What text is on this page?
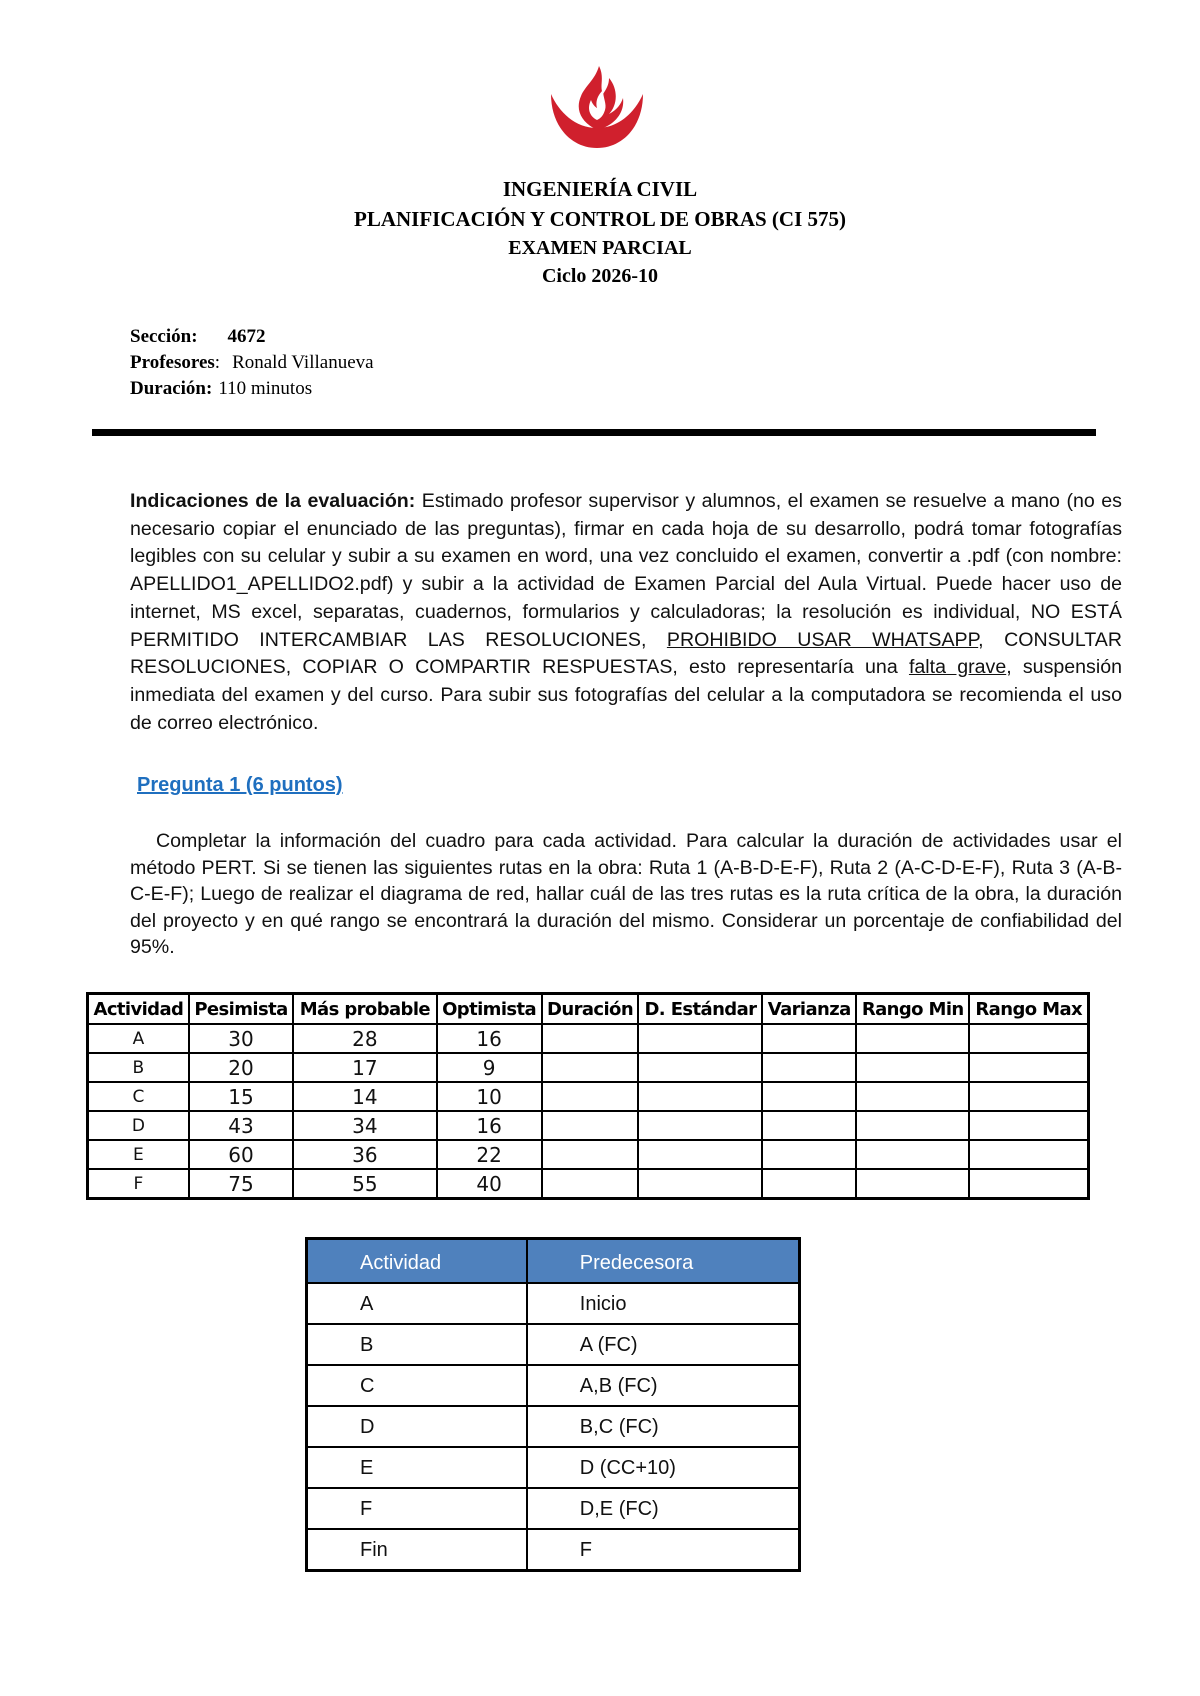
INGENIERÍA CIVIL
PLANIFICACIÓN Y CONTROL DE OBRAS (CI 575)
EXAMEN PARCIAL
Ciclo 2026-10
Sección: 4672
Profesores: Ronald Villanueva
Duración: 110 minutos
Indicaciones de la evaluación: Estimado profesor supervisor y alumnos, el examen se resuelve a mano (no es necesario copiar el enunciado de las preguntas), firmar en cada hoja de su desarrollo, podrá tomar fotografías legibles con su celular y subir a su examen en word, una vez concluido el examen, convertir a .pdf (con nombre: APELLIDO1_APELLIDO2.pdf) y subir a la actividad de Examen Parcial del Aula Virtual. Puede hacer uso de internet, MS excel, separatas, cuadernos, formularios y calculadoras; la resolución es individual, NO ESTÁ PERMITIDO INTERCAMBIAR LAS RESOLUCIONES, PROHIBIDO USAR WHATSAPP, CONSULTAR RESOLUCIONES, COPIAR O COMPARTIR RESPUESTAS, esto representaría una falta grave, suspensión inmediata del examen y del curso. Para subir sus fotografías del celular a la computadora se recomienda el uso de correo electrónico.
Pregunta 1 (6 puntos)
Completar la información del cuadro para cada actividad. Para calcular la duración de actividades usar el método PERT. Si se tienen las siguientes rutas en la obra: Ruta 1 (A-B-D-E-F), Ruta 2 (A-C-D-E-F), Ruta 3 (A-B-C-E-F); Luego de realizar el diagrama de red, hallar cuál de las tres rutas es la ruta crítica de la obra, la duración del proyecto y en qué rango se encontrará la duración del mismo. Considerar un porcentaje de confiabilidad del 95%.
Actividad	Pesimista	Más probable	Optimista	Duración	D. Estándar	Varianza	Rango Min	Rango Max
A	30	28	16					
B	20	17	9					
C	15	14	10					
D	43	34	16					
E	60	36	22					
F	75	55	40					
Actividad	Predecesora
A	Inicio
B	A (FC)
C	A,B (FC)
D	B,C (FC)
E	D (CC+10)
F	D,E (FC)
Fin	F
